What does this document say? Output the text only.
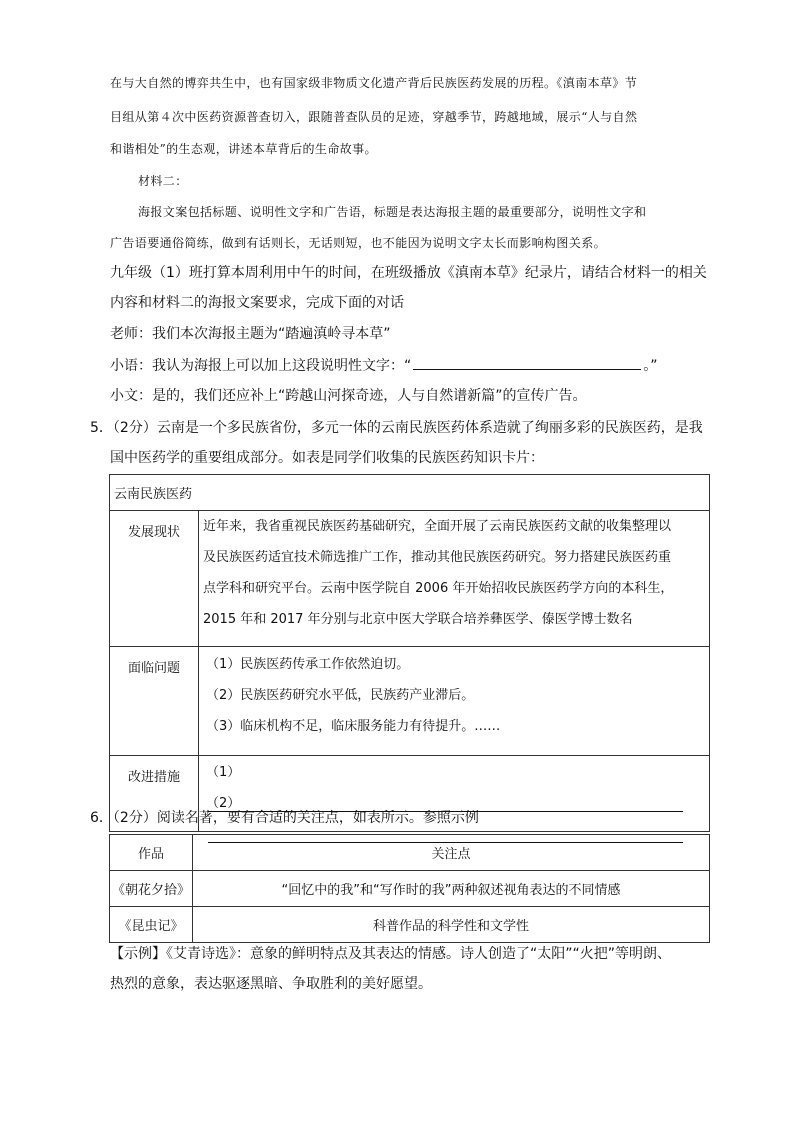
在与大自然的博弈共生中，也有国家级非物质文化遗产背后民族医药发展的历程。《滇南本草》节
目组从第４次中医药资源普查切入，跟随普查队员的足迹，穿越季节，跨越地域，展示“人与自然
和谐相处”的生态观，讲述本草背后的生命故事。
材料二：
海报文案包括标题、说明性文字和广告语，标题是表达海报主题的最重要部分，说明性文字和
广告语要通俗简练，做到有话则长，无话则短，也不能因为说明文字太长而影响构图关系。
九年级（1）班打算本周利用中午的时间，在班级播放《滇南本草》纪录片，请结合材料一的相关
内容和材料二的海报文案要求，完成下面的对话
老师：我们本次海报主题为“踏遍滇岭寻本草”
小语：我认为海报上可以加上这段说明性文字：“	。”
小文：是的，我们还应补上“跨越山河探奇迹，人与自然谱新篇”的宣传广告。
5．（2分）云南是一个多民族省份，多元一体的云南民族医药体系造就了绚丽多彩的民族医药，是我
国中医药学的重要组成部分。如表是同学们收集的民族医药知识卡片：
云南民族医药	
发展现状	近年来，我省重视民族医药基础研究，全面开展了云南民族医药文献的收集整理以
及民族医药适宜技术筛选推广工作，推动其他民族医药研究。努力搭建民族医药重
点学科和研究平台。云南中医学院自 2006 年开始招收民族医药学方向的本科生，
2015 年和 2017 年分别与北京中医大学联合培养彝医学、傣医学博士数名

面临问题	（1）民族医药传承工作依然迫切。
（2）民族医药研究水平低，民族药产业滞后。
（3）临床机构不足，临床服务能力有待提升。……

改进措施	（1）
（2）
6．（2分）阅读名著，要有合适的关注点，如表所示。参照示例
作品	关注点
《朝花夕拾》	“回忆中的我”和“写作时的我”两种叙述视角表达的不同情感
《昆虫记》	科普作品的科学性和文学性
【示例】《艾青诗选》：意象的鲜明特点及其表达的情感。诗人创造了“太阳”“火把”等明朗、
热烈的意象，表达驱逐黑暗、争取胜利的美好愿望。
